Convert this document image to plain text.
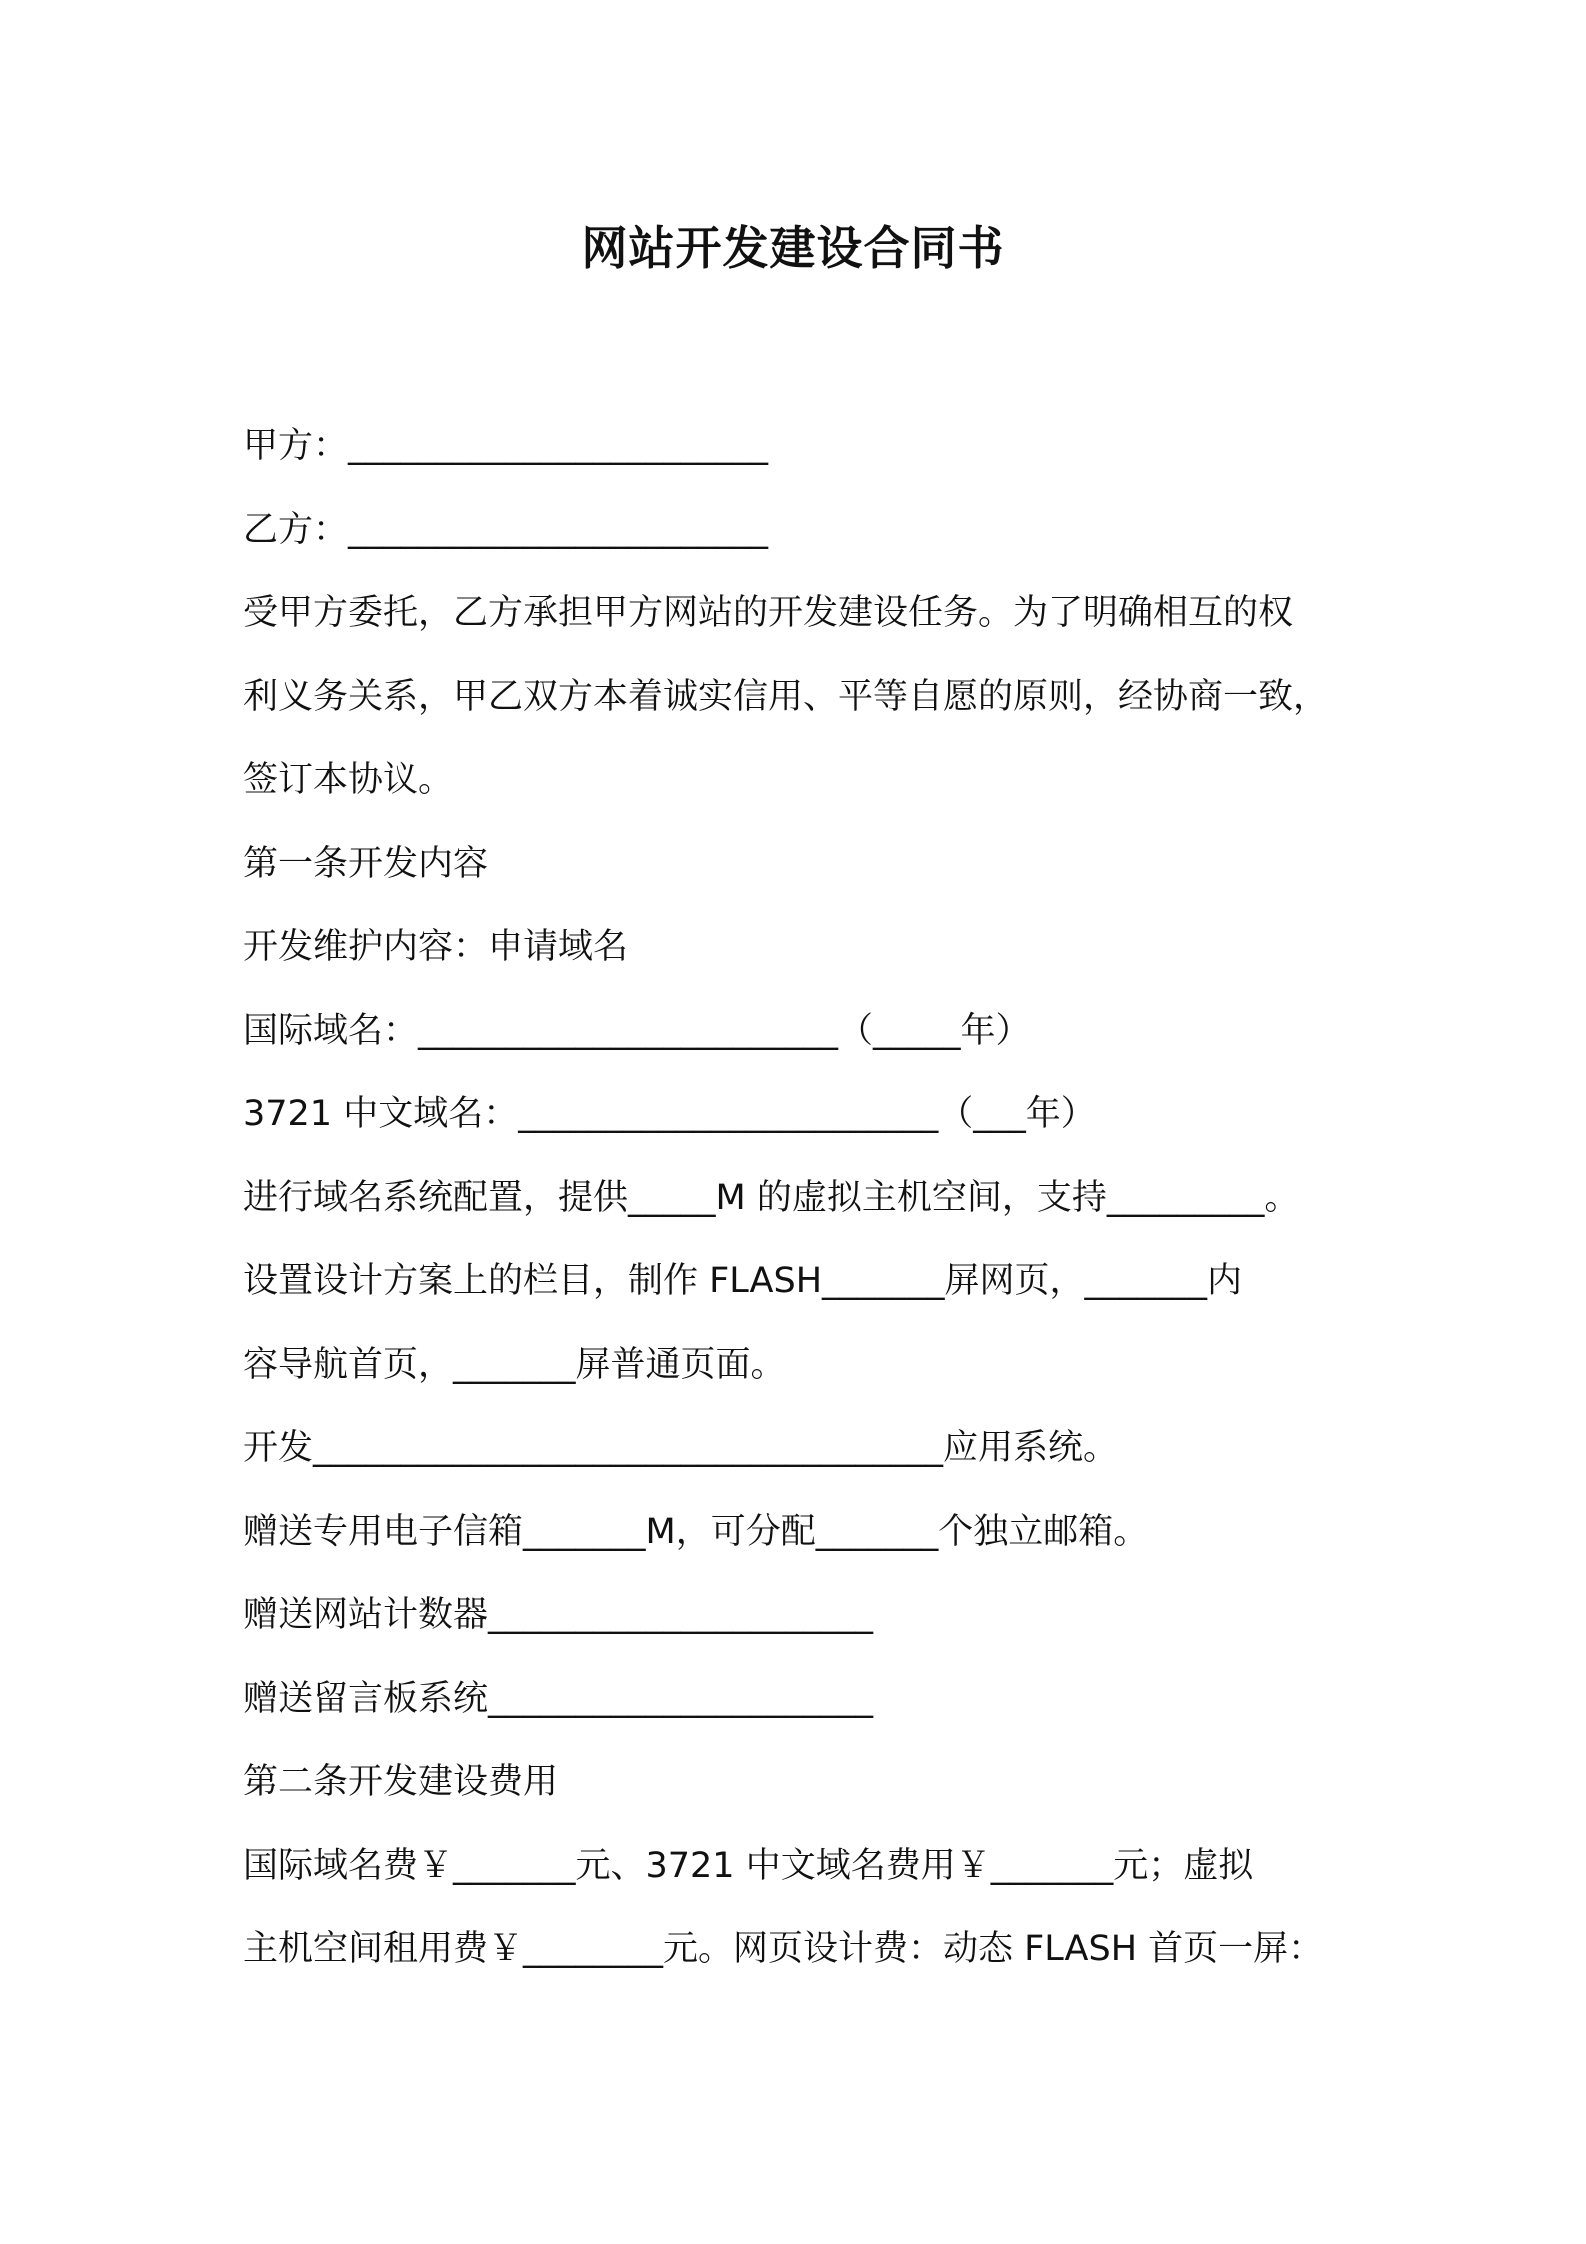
网站开发建设合同书
甲方：________________________
乙方：________________________
受甲方委托，乙方承担甲方网站的开发建设任务。为了明确相互的权
利义务关系，甲乙双方本着诚实信用、平等自愿的原则，经协商一致，
签订本协议。
第一条开发内容
开发维护内容：申请域名
国际域名：________________________（_____年）
3721 中文域名：________________________（___年）
进行域名系统配置，提供_____M 的虚拟主机空间，支持_________。
设置设计方案上的栏目，制作 FLASH_______屏网页，_______内
容导航首页，_______屏普通页面。
开发____________________________________应用系统。
赠送专用电子信箱_______M，可分配_______个独立邮箱。
赠送网站计数器______________________
赠送留言板系统______________________
第二条开发建设费用
国际域名费￥_______元、3721 中文域名费用￥_______元；虚拟
主机空间租用费￥________元。网页设计费：动态 FLASH 首页一屏：
